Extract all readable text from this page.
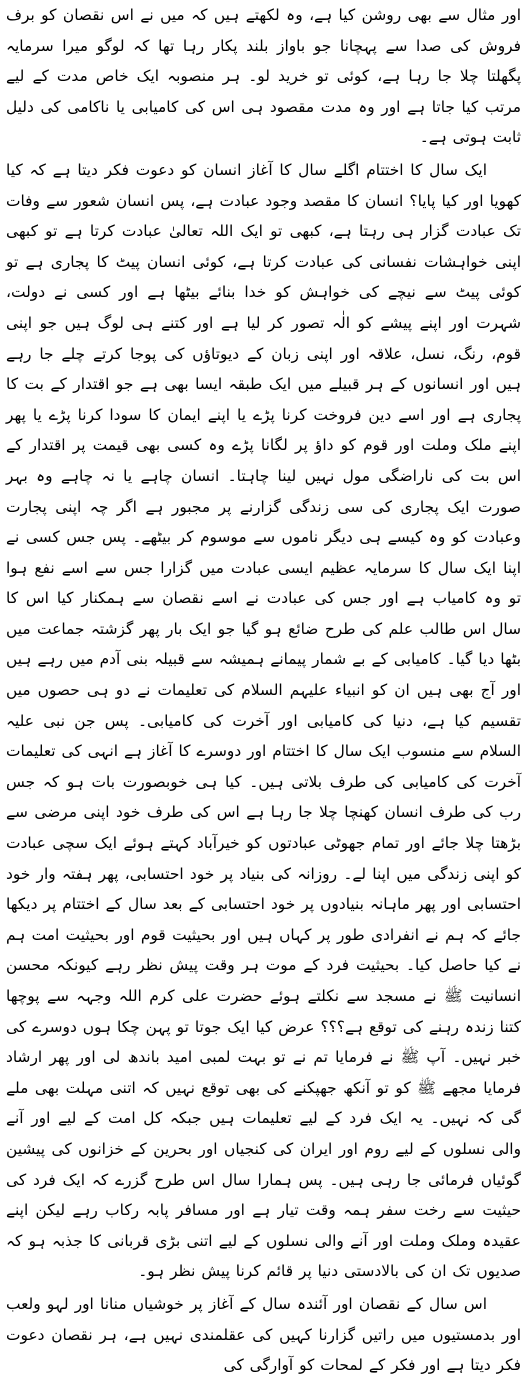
اور مثال سے بھی روشن کیا ہے، وہ لکھتے ہیں کہ میں نے اس نقصان کو برف فروش کی صدا سے پہچانا جو باواز بلند پکار رہا تھا کہ لوگو میرا سرمایہ پگھلتا چلا جا رہا ہے، کوئی تو خرید لو۔ ہر منصوبہ ایک خاص مدت کے لیے مرتب کیا جاتا ہے اور وہ مدت مقصود ہی اس کی کامیابی یا ناکامی کی دلیل ثابت ہوتی ہے۔

ایک سال کا اختتام اگلے سال کا آغاز انسان کو دعوت فکر دیتا ہے کہ کیا کھویا اور کیا پایا؟ انسان کا مقصد وجود عبادت ہے، پس انسان شعور سے وفات تک عبادت گزار ہی رہتا ہے، کبھی تو ایک اللہ تعالیٰ عبادت کرتا ہے تو کبھی اپنی خواہشات نفسانی کی عبادت کرتا ہے، کوئی انسان پیٹ کا پجاری ہے تو کوئی پیٹ سے نیچے کی خواہش کو خدا بنائے بیٹھا ہے اور کسی نے دولت، شہرت اور اپنے پیشے کو الٰہ تصور کر لیا ہے اور کتنے ہی لوگ ہیں جو اپنی قوم، رنگ، نسل، علاقہ اور اپنی زبان کے دیوتاؤں کی پوجا کرتے چلے جا رہے ہیں اور انسانوں کے ہر قبیلے میں ایک طبقہ ایسا بھی ہے جو اقتدار کے بت کا پجاری ہے اور اسے دین فروخت کرنا پڑے یا اپنے ایمان کا سودا کرنا پڑے یا پھر اپنے ملک وملت اور قوم کو داؤ پر لگانا پڑے وہ کسی بھی قیمت پر اقتدار کے اس بت کی ناراضگی مول نہیں لینا چاہتا۔ انسان چاہے یا نہ چاہے وہ بہر صورت ایک پجاری کی سی زندگی گزارنے پر مجبور ہے اگر چہ اپنی پجارت وعبادت کو وہ کیسے ہی دیگر ناموں سے موسوم کر بیٹھے۔ پس جس کسی نے اپنا ایک سال کا سرمایہ عظیم ایسی عبادت میں گزارا جس سے اسے نفع ہوا تو وہ کامیاب ہے اور جس کی عبادت نے اسے نقصان سے ہمکنار کیا اس کا سال اس طالب علم کی طرح ضائع ہو گیا جو ایک بار پھر گزشتہ جماعت میں بٹھا دیا گیا۔ کامیابی کے بے شمار پیمانے ہمیشہ سے قبیلہ بنی آدم میں رہے ہیں اور آج بھی ہیں ان کو انبیاء علیہم السلام کی تعلیمات نے دو ہی حصوں میں تقسیم کیا ہے، دنیا کی کامیابی اور آخرت کی کامیابی۔ پس جن نبی علیہ السلام سے منسوب ایک سال کا اختتام اور دوسرے کا آغاز ہے انہی کی تعلیمات آخرت کی کامیابی کی طرف بلاتی ہیں۔ کیا ہی خوبصورت بات ہو کہ جس رب کی طرف انسان کھنچا چلا جا رہا ہے اس کی طرف خود اپنی مرضی سے بڑھتا چلا جائے اور تمام جھوٹی عبادتوں کو خیرآباد کہتے ہوئے ایک سچی عبادت کو اپنی زندگی میں اپنا لے۔ روزانہ کی بنیاد پر خود احتسابی، پھر ہفتہ وار خود احتسابی اور پھر ماہانہ بنیادوں پر خود احتسابی کے بعد سال کے اختتام پر دیکھا جائے کہ ہم نے انفرادی طور پر کہاں ہیں اور بحیثیت قوم اور بحیثیت امت ہم نے کیا حاصل کیا۔ بحیثیت فرد کے موت ہر وقت پیش نظر رہے کیونکہ محسن انسانیت ﷺ نے مسجد سے نکلتے ہوئے حضرت علی کرم اللہ وجہہ سے پوچھا کتنا زندہ رہنے کی توقع ہے؟؟؟ عرض کیا ایک جوتا تو پہن چکا ہوں دوسرے کی خبر نہیں۔ آپ ﷺ نے فرمایا تم نے تو بہت لمبی امید باندھ لی اور پھر ارشاد فرمایا مجھے ﷺ کو تو آنکھ جھپکنے کی بھی توقع نہیں کہ اتنی مہلت بھی ملے گی کہ نہیں۔ یہ ایک فرد کے لیے تعلیمات ہیں جبکہ کل امت کے لیے اور آنے والی نسلوں کے لیے روم اور ایران کی کنجیاں اور بحرین کے خزانوں کی پیشین گوئیاں فرمائی جا رہی ہیں۔ پس ہمارا سال اس طرح گزرے کہ ایک فرد کی حیثیت سے رخت سفر ہمہ وقت تیار ہے اور مسافر پابہ رکاب رہے لیکن اپنے عقیدہ وملک وملت اور آنے والی نسلوں کے لیے اتنی بڑی قربانی کا جذبہ ہو کہ صدیوں تک ان کی بالادستی دنیا پر قائم کرنا پیش نظر ہو۔

اس سال کے نقصان اور آئندہ سال کے آغاز پر خوشیاں منانا اور لہو ولعب اور بدمستیوں میں راتیں گزارنا کہیں کی عقلمندی نہیں ہے، ہر نقصان دعوت فکر دیتا ہے اور فکر کے لمحات کو آوارگی کی
